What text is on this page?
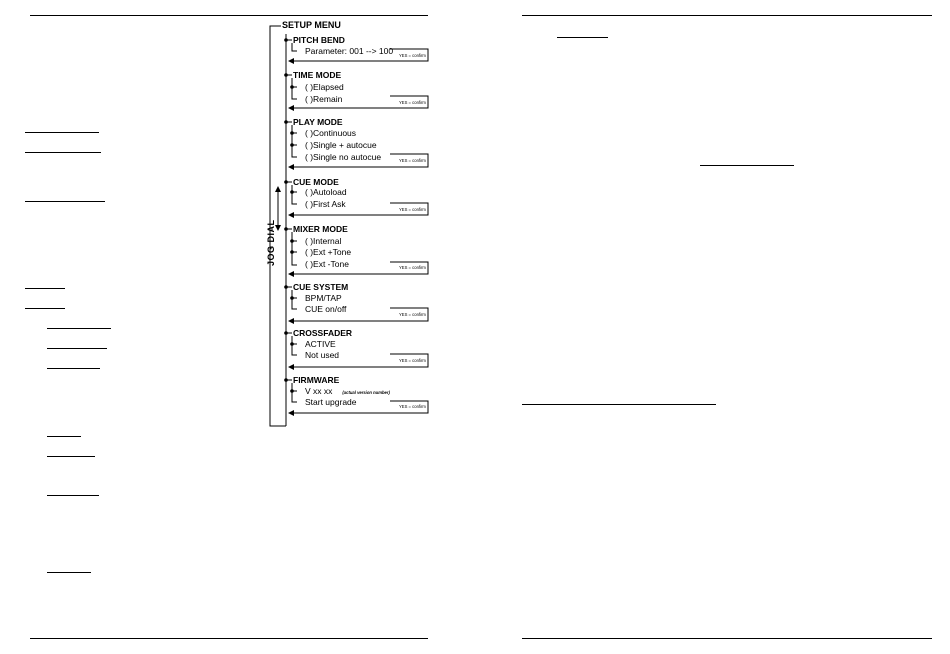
SETUP MENU
JOG DIAL
PITCH BEND
Parameter: 001 --> 100 YES = confirm
TIME MODE
( )Elapsed
( )Remain	YES = confirm
PLAY MODE
( )Continuous
( )Single + autocue
( )Single no autocue	YES = confirm
CUE MODE
( )Autoload
( )First Ask
YES = confirm
MIXER MODE
( )Internal
( )Ext +Tone
( )Ext -Tone	YES = confirm
CUE SYSTEM
BPM/TAP
CUE on/off
YES = confirm
CROSSFADER
ACTIVE
Not used
YES = confirm
FIRMWARE
V xx xx (actual version number)
Start upgrade	YES = confirm
